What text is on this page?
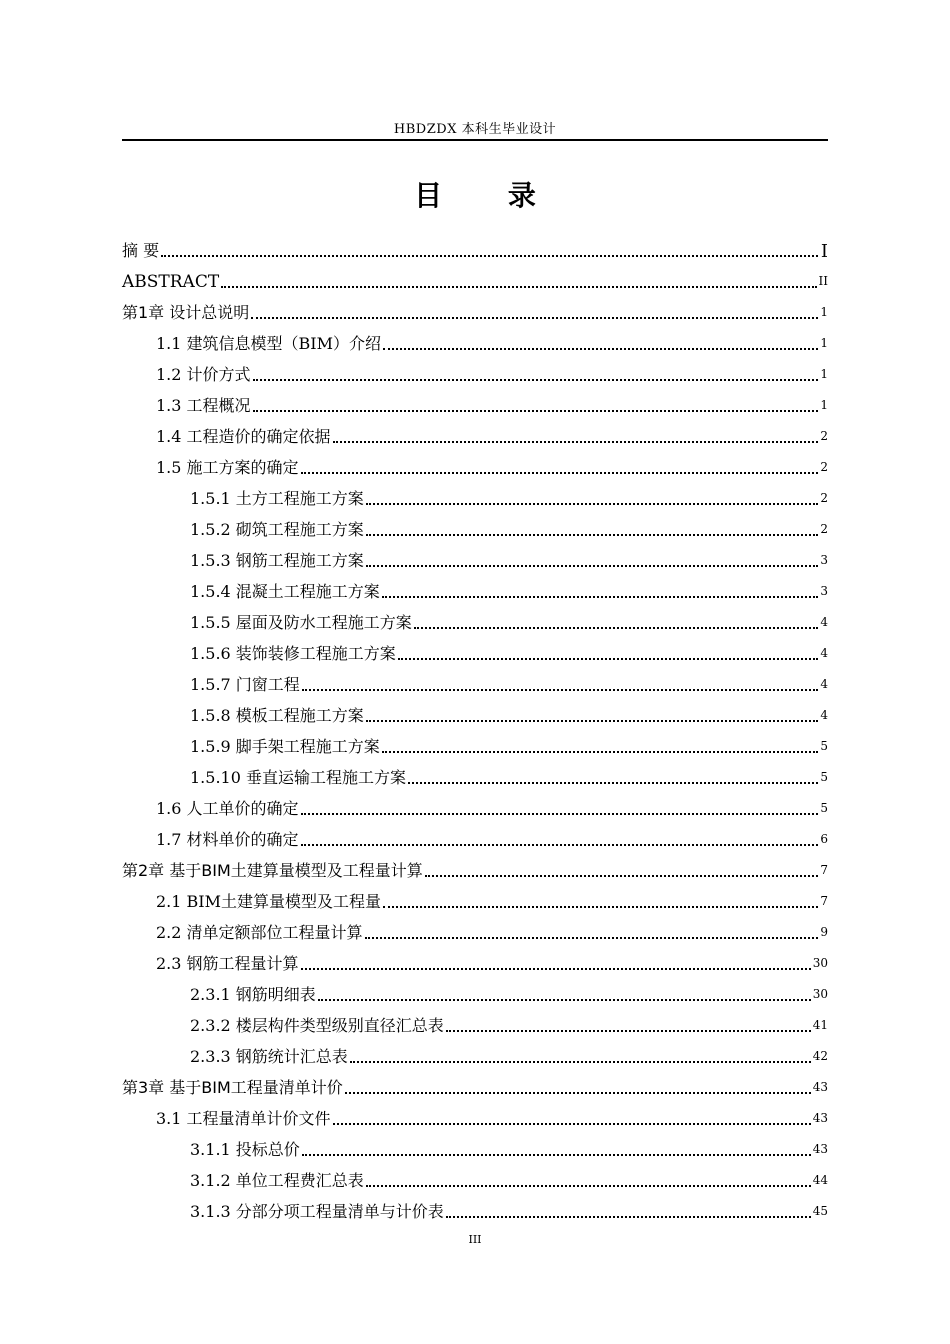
HBDZDX 本科生毕业设计
目 录
摘 要	I
ABSTRACT	II
第1章 设计总说明	1
1.1 建筑信息模型（BIM）介绍	1
1.2 计价方式	1
1.3 工程概况	1
1.4 工程造价的确定依据	2
1.5 施工方案的确定	2
1.5.1 土方工程施工方案	2
1.5.2 砌筑工程施工方案	2
1.5.3 钢筋工程施工方案	3
1.5.4 混凝土工程施工方案	3
1.5.5 屋面及防水工程施工方案	4
1.5.6 装饰装修工程施工方案	4
1.5.7 门窗工程	4
1.5.8 模板工程施工方案	4
1.5.9 脚手架工程施工方案	5
1.5.10 垂直运输工程施工方案	5
1.6 人工单价的确定	5
1.7 材料单价的确定	6
第2章 基于BIM土建算量模型及工程量计算	7
2.1 BIM土建算量模型及工程量	7
2.2 清单定额部位工程量计算	9
2.3 钢筋工程量计算	30
2.3.1 钢筋明细表	30
2.3.2 楼层构件类型级别直径汇总表	41
2.3.3 钢筋统计汇总表	42
第3章 基于BIM工程量清单计价	43
3.1 工程量清单计价文件	43
3.1.1 投标总价	43
3.1.2 单位工程费汇总表	44
3.1.3 分部分项工程量清单与计价表	45
III
